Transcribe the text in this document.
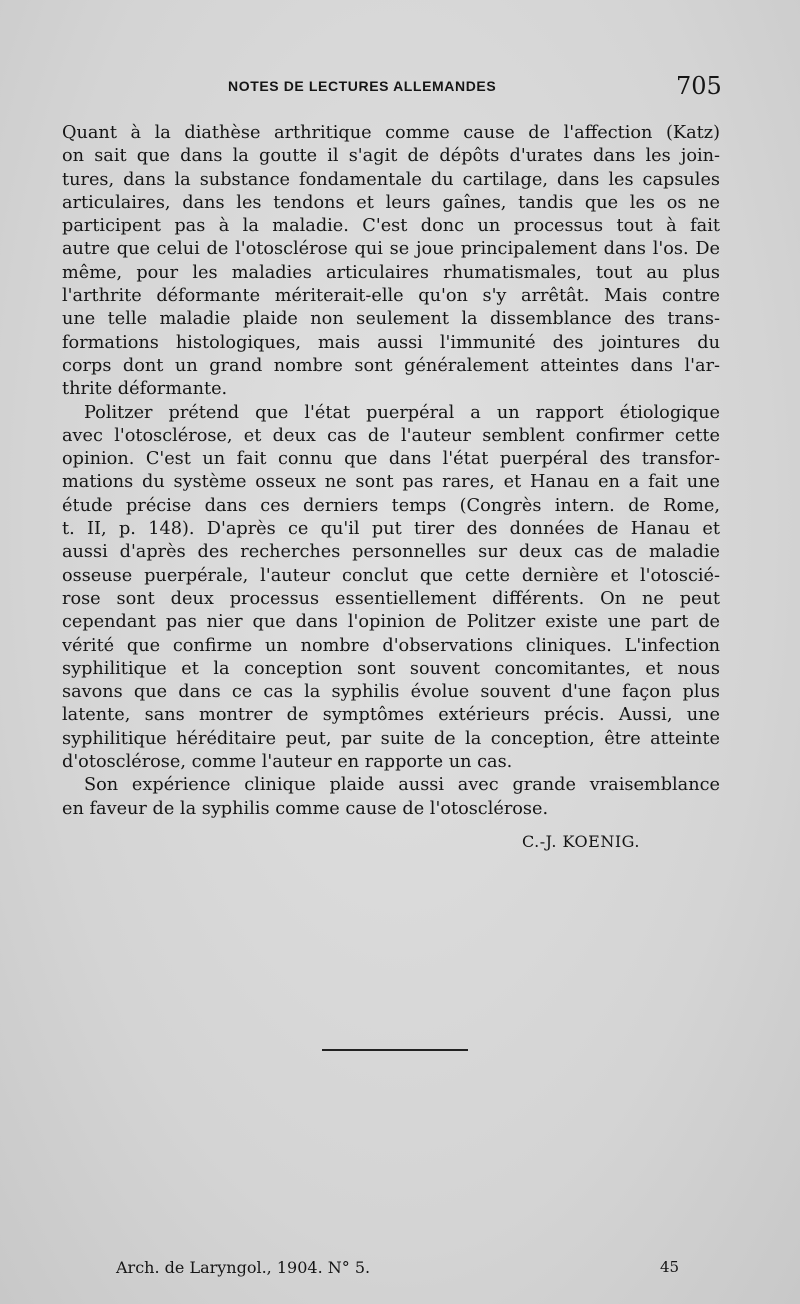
NOTES DE LECTURES ALLEMANDES	705
Quant à la diathèse arthritique comme cause de l'affection (Katz)
on sait que dans la goutte il s'agit de dépôts d'urates dans les join-
tures, dans la substance fondamentale du cartilage, dans les capsules
articulaires, dans les tendons et leurs gaînes, tandis que les os ne
participent pas à la maladie. C'est donc un processus tout à fait
autre que celui de l'otosclérose qui se joue principalement dans l'os. De
même, pour les maladies articulaires rhumatismales, tout au plus
l'arthrite déformante mériterait-elle qu'on s'y arrêtât. Mais contre
une telle maladie plaide non seulement la dissemblance des trans-
formations histologiques, mais aussi l'immunité des jointures du
corps dont un grand nombre sont généralement atteintes dans l'ar-
thrite déformante.
Politzer prétend que l'état puerpéral a un rapport étiologique
avec l'otosclérose, et deux cas de l'auteur semblent confirmer cette
opinion. C'est un fait connu que dans l'état puerpéral des transfor-
mations du système osseux ne sont pas rares, et Hanau en a fait une
étude précise dans ces derniers temps (Congrès intern. de Rome,
t. II, p. 148). D'après ce qu'il put tirer des données de Hanau et
aussi d'après des recherches personnelles sur deux cas de maladie
osseuse puerpérale, l'auteur conclut que cette dernière et l'otoscié-
rose sont deux processus essentiellement différents. On ne peut
cependant pas nier que dans l'opinion de Politzer existe une part de
vérité que confirme un nombre d'observations cliniques. L'infection
syphilitique et la conception sont souvent concomitantes, et nous
savons que dans ce cas la syphilis évolue souvent d'une façon plus
latente, sans montrer de symptômes extérieurs précis. Aussi, une
syphilitique héréditaire peut, par suite de la conception, être atteinte
d'otosclérose, comme l'auteur en rapporte un cas.
Son expérience clinique plaide aussi avec grande vraisemblance
en faveur de la syphilis comme cause de l'otosclérose.
C.-J. KOENIG.
Arch. de Laryngol., 1904. N° 5.	45
